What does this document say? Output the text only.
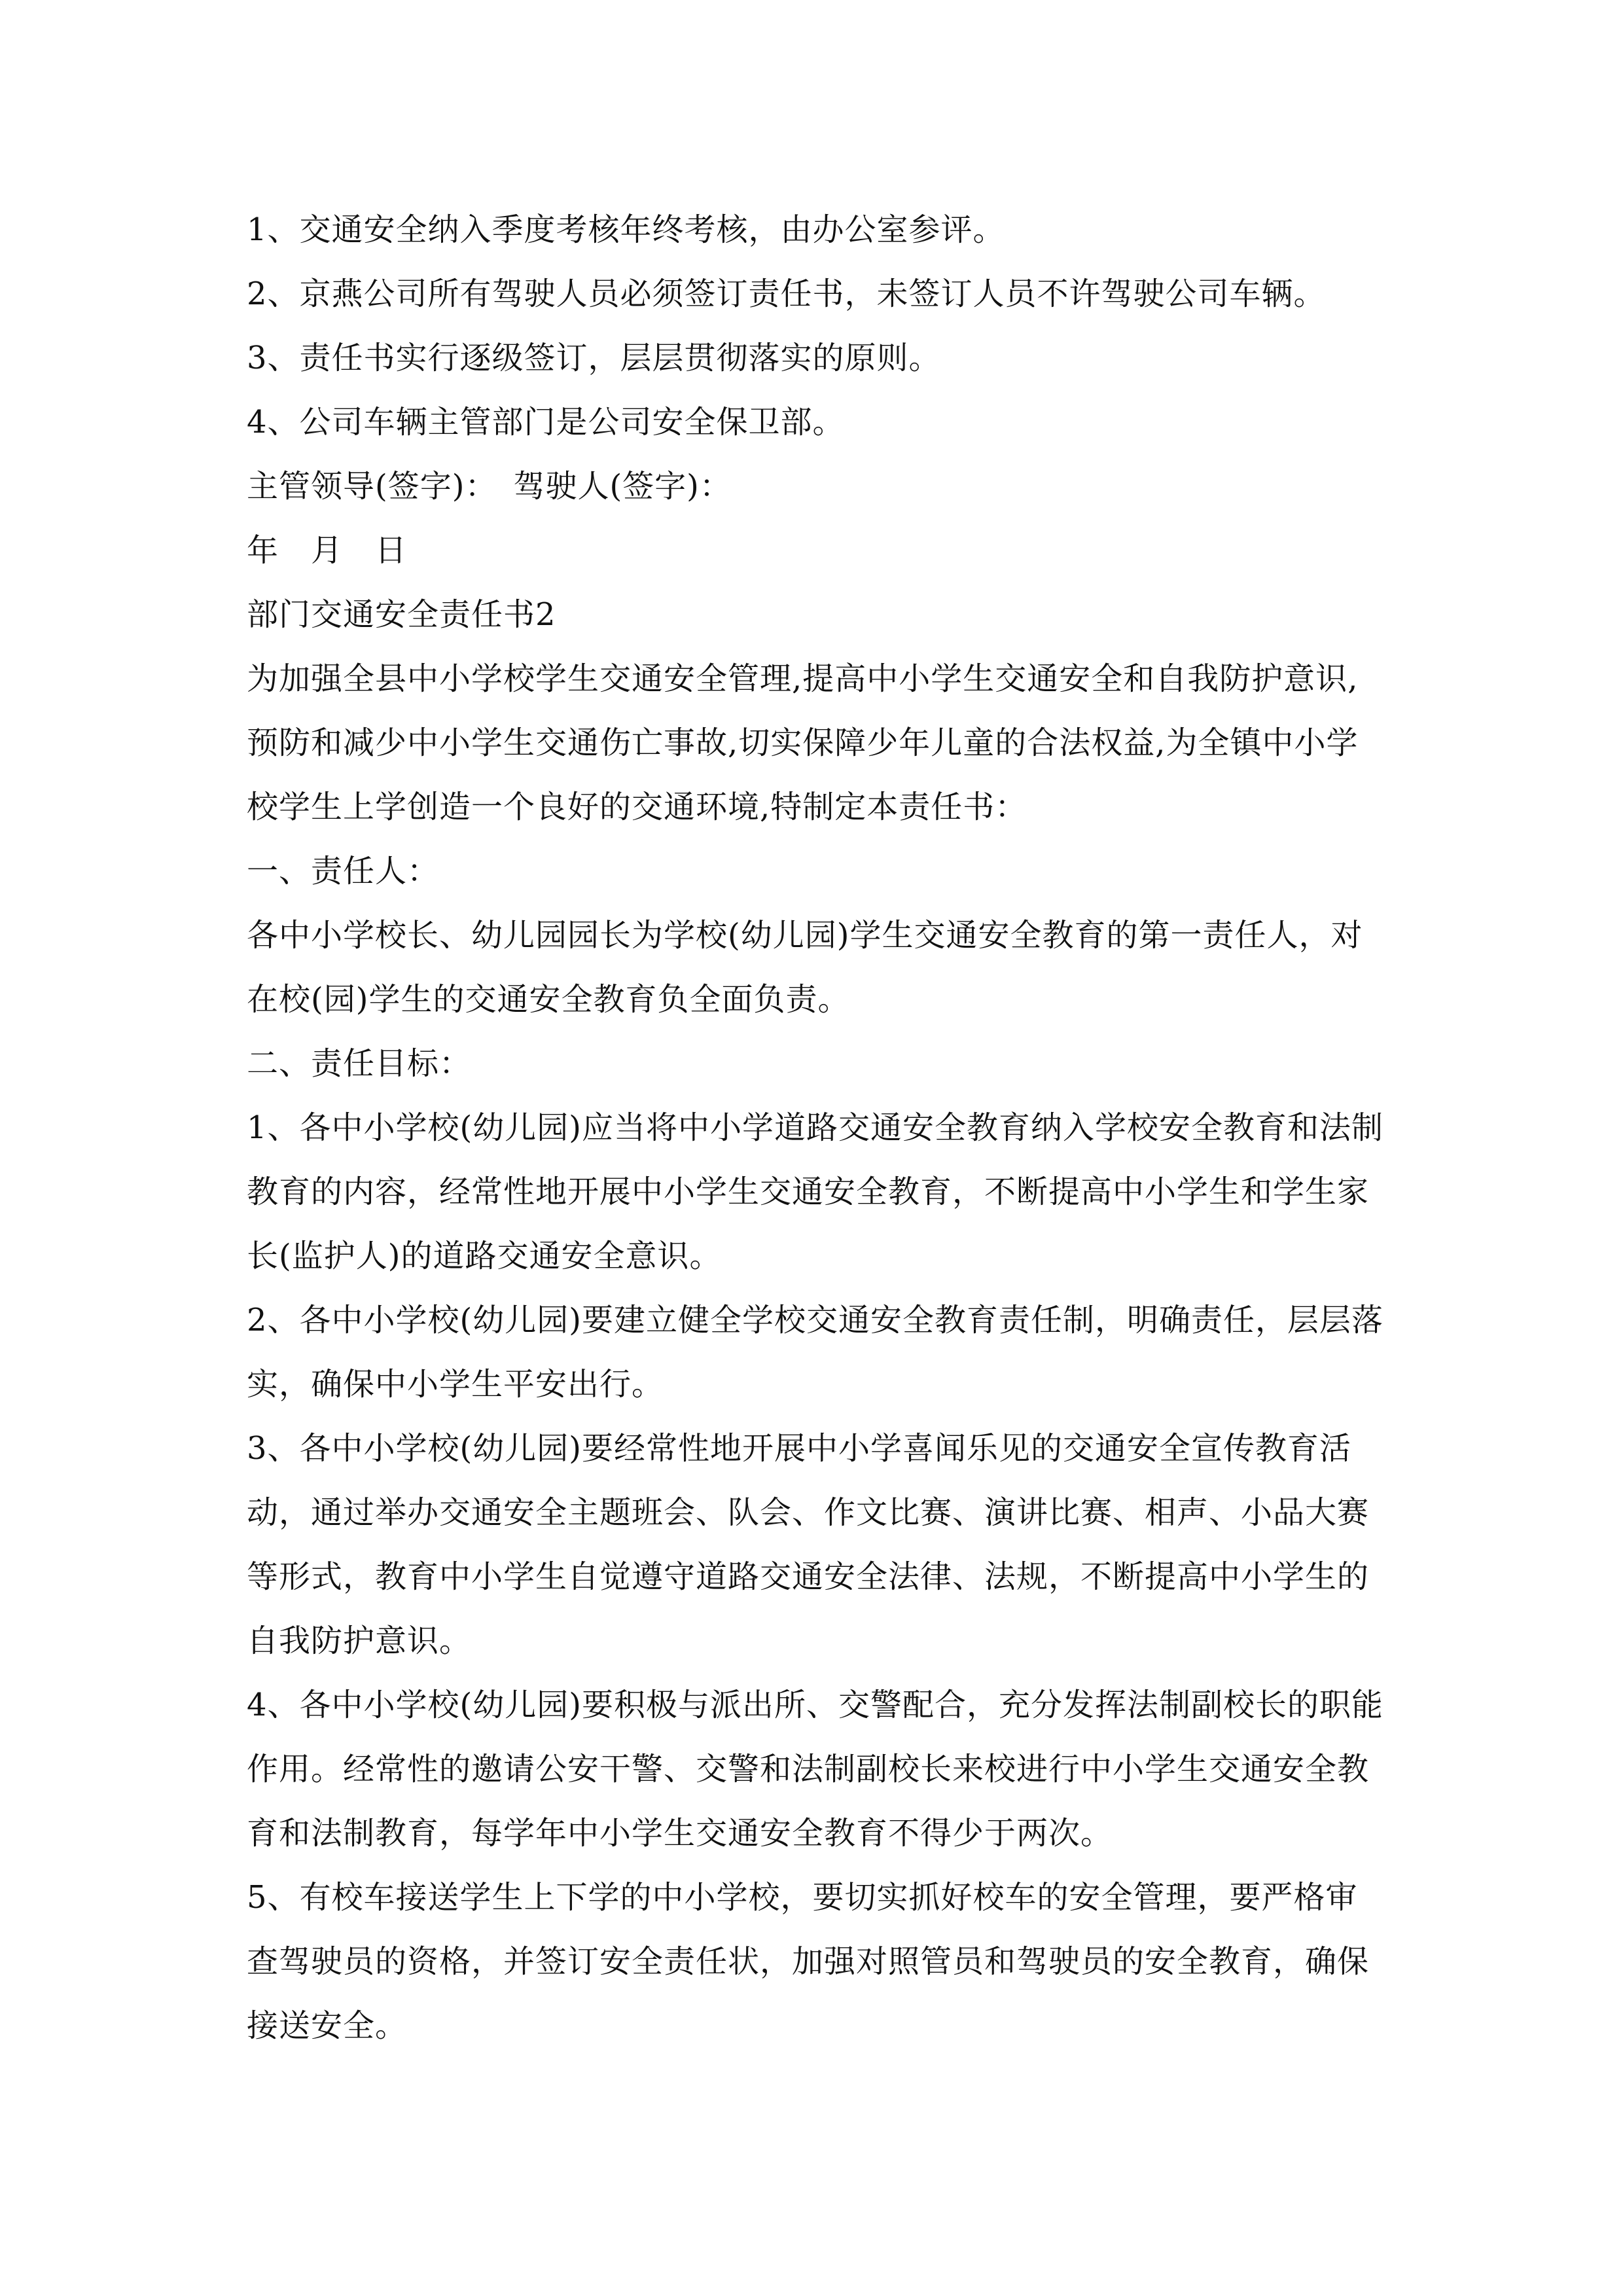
1、交通安全纳入季度考核年终考核，由办公室参评。

2、京燕公司所有驾驶人员必须签订责任书，未签订人员不许驾驶公司车辆。

3、责任书实行逐级签订，层层贯彻落实的原则。

4、公司车辆主管部门是公司安全保卫部。

主管领导(签字)：　驾驶人(签字)：

年　月　日

部门交通安全责任书2

为加强全县中小学校学生交通安全管理,提高中小学生交通安全和自我防护意识,预防和减少中小学生交通伤亡事故,切实保障少年儿童的合法权益,为全镇中小学校学生上学创造一个良好的交通环境,特制定本责任书：

一、责任人：

各中小学校长、幼儿园园长为学校(幼儿园)学生交通安全教育的第一责任人，对在校(园)学生的交通安全教育负全面负责。

二、责任目标：

1、各中小学校(幼儿园)应当将中小学道路交通安全教育纳入学校安全教育和法制教育的内容，经常性地开展中小学生交通安全教育，不断提高中小学生和学生家长(监护人)的道路交通安全意识。

2、各中小学校(幼儿园)要建立健全学校交通安全教育责任制，明确责任，层层落实，确保中小学生平安出行。

3、各中小学校(幼儿园)要经常性地开展中小学喜闻乐见的交通安全宣传教育活动，通过举办交通安全主题班会、队会、作文比赛、演讲比赛、相声、小品大赛等形式，教育中小学生自觉遵守道路交通安全法律、法规，不断提高中小学生的自我防护意识。

4、各中小学校(幼儿园)要积极与派出所、交警配合，充分发挥法制副校长的职能作用。经常性的邀请公安干警、交警和法制副校长来校进行中小学生交通安全教育和法制教育，每学年中小学生交通安全教育不得少于两次。

5、有校车接送学生上下学的中小学校，要切实抓好校车的安全管理，要严格审查驾驶员的资格，并签订安全责任状，加强对照管员和驾驶员的安全教育，确保接送安全。
